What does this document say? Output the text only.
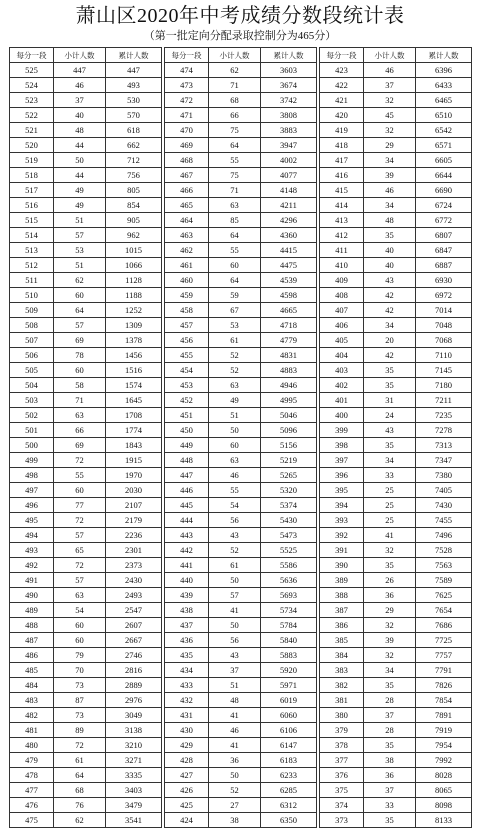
萧山区2020年中考成绩分数段统计表
（第一批定向分配录取控制分为465分）
每分一段	小计人数	累计人数
525	447	447
524	46	493
523	37	530
522	40	570
521	48	618
520	44	662
519	50	712
518	44	756
517	49	805
516	49	854
515	51	905
514	57	962
513	53	1015
512	51	1066
511	62	1128
510	60	1188
509	64	1252
508	57	1309
507	69	1378
506	78	1456
505	60	1516
504	58	1574
503	71	1645
502	63	1708
501	66	1774
500	69	1843
499	72	1915
498	55	1970
497	60	2030
496	77	2107
495	72	2179
494	57	2236
493	65	2301
492	72	2373
491	57	2430
490	63	2493
489	54	2547
488	60	2607
487	60	2667
486	79	2746
485	70	2816
484	73	2889
483	87	2976
482	73	3049
481	89	3138
480	72	3210
479	61	3271
478	64	3335
477	68	3403
476	76	3479
475	62	3541
每分一段	小计人数	累计人数
474	62	3603
473	71	3674
472	68	3742
471	66	3808
470	75	3883
469	64	3947
468	55	4002
467	75	4077
466	71	4148
465	63	4211
464	85	4296
463	64	4360
462	55	4415
461	60	4475
460	64	4539
459	59	4598
458	67	4665
457	53	4718
456	61	4779
455	52	4831
454	52	4883
453	63	4946
452	49	4995
451	51	5046
450	50	5096
449	60	5156
448	63	5219
447	46	5265
446	55	5320
445	54	5374
444	56	5430
443	43	5473
442	52	5525
441	61	5586
440	50	5636
439	57	5693
438	41	5734
437	50	5784
436	56	5840
435	43	5883
434	37	5920
433	51	5971
432	48	6019
431	41	6060
430	46	6106
429	41	6147
428	36	6183
427	50	6233
426	52	6285
425	27	6312
424	38	6350
每分一段	小计人数	累计人数
423	46	6396
422	37	6433
421	32	6465
420	45	6510
419	32	6542
418	29	6571
417	34	6605
416	39	6644
415	46	6690
414	34	6724
413	48	6772
412	35	6807
411	40	6847
410	40	6887
409	43	6930
408	42	6972
407	42	7014
406	34	7048
405	20	7068
404	42	7110
403	35	7145
402	35	7180
401	31	7211
400	24	7235
399	43	7278
398	35	7313
397	34	7347
396	33	7380
395	25	7405
394	25	7430
393	25	7455
392	41	7496
391	32	7528
390	35	7563
389	26	7589
388	36	7625
387	29	7654
386	32	7686
385	39	7725
384	32	7757
383	34	7791
382	35	7826
381	28	7854
380	37	7891
379	28	7919
378	35	7954
377	38	7992
376	36	8028
375	37	8065
374	33	8098
373	35	8133
